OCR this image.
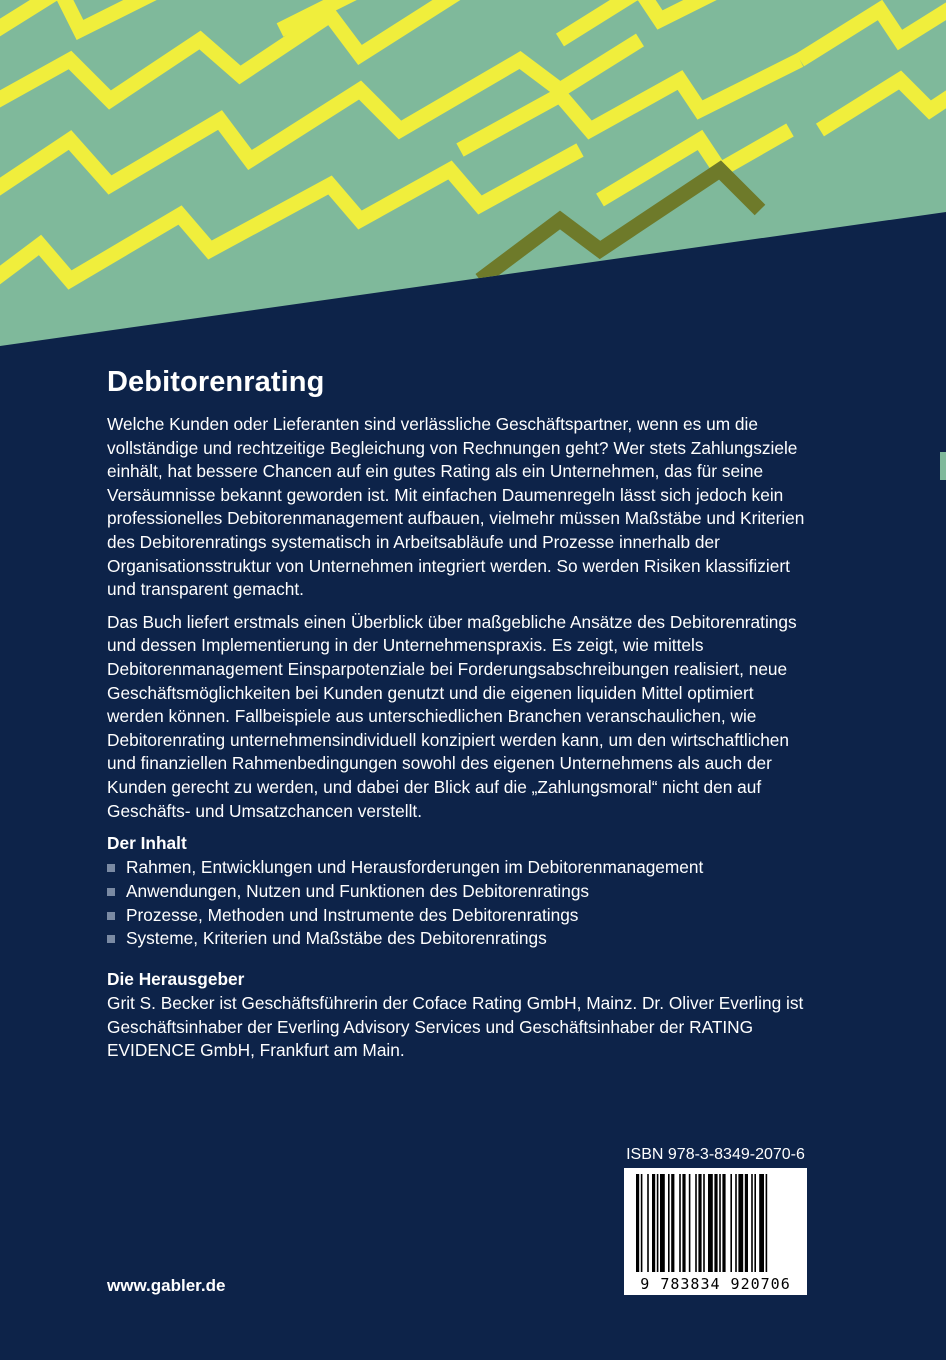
Debitorenrating

Welche Kunden oder Lieferanten sind verlässliche Geschäftspartner, wenn es um die vollständige und rechtzeitige Begleichung von Rechnungen geht? Wer stets Zahlungsziele einhält, hat bessere Chancen auf ein gutes Rating als ein Unternehmen, das für seine Versäumnisse bekannt geworden ist. Mit einfachen Daumenregeln lässt sich jedoch kein professionelles Debitorenmanagement aufbauen, vielmehr müssen Maßstäbe und Kriterien des Debitorenratings systematisch in Arbeitsabläufe und Prozesse innerhalb der Organisationsstruktur von Unternehmen integriert werden. So werden Risiken klassifiziert und transparent gemacht.

Das Buch liefert erstmals einen Überblick über maßgebliche Ansätze des Debitorenratings und dessen Implementierung in der Unternehmenspraxis. Es zeigt, wie mittels Debitorenmanagement Einsparpotenziale bei Forderungsabschreibungen realisiert, neue Geschäftsmöglichkeiten bei Kunden genutzt und die eigenen liquiden Mittel optimiert werden können. Fallbeispiele aus unterschiedlichen Branchen veranschaulichen, wie Debitorenrating unternehmensindividuell konzipiert werden kann, um den wirtschaftlichen und finanziellen Rahmenbedingungen sowohl des eigenen Unternehmens als auch der Kunden gerecht zu werden, und dabei der Blick auf die „Zahlungsmoral“ nicht den auf Geschäfts- und Umsatzchancen verstellt.

Der Inhalt
Rahmen, Entwicklungen und Herausforderungen im Debitorenmanagement
Anwendungen, Nutzen und Funktionen des Debitorenratings
Prozesse, Methoden und Instrumente des Debitorenratings
Systeme, Kriterien und Maßstäbe des Debitorenratings
Die Herausgeber

Grit S. Becker ist Geschäftsführerin der Coface Rating GmbH, Mainz. Dr. Oliver Everling ist Geschäftsinhaber der Everling Advisory Services und Geschäftsinhaber der RATING EVIDENCE GmbH, Frankfurt am Main.

ISBN 978-3-8349-2070-6
9 783834 920706
www.gabler.de
